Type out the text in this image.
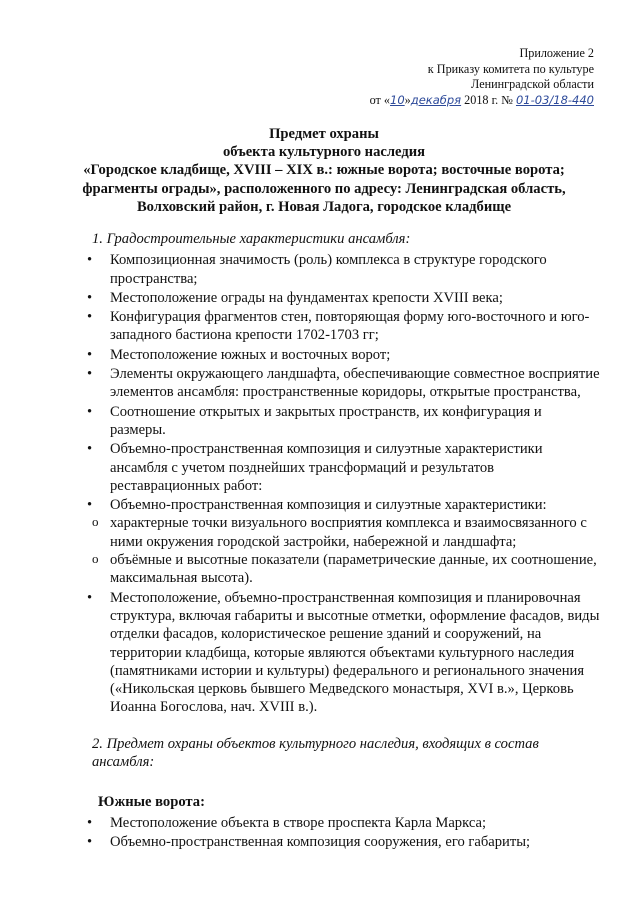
Приложение 2
к Приказу комитета по культуре
Ленинградской области
от «10»декабря 2018 г. № 01-03/18-440
Предмет охраны
объекта культурного наследия
«Городское кладбище, XVIII – XIX в.: южные ворота; восточные ворота;
фрагменты ограды», расположенного по адресу: Ленинградская область,
Волховский район, г. Новая Ладога, городское кладбище
1. Градостроительные характеристики ансамбля:
• Композиционная значимость (роль) комплекса в структуре городского пространства;
• Местоположение ограды на фундаментах крепости XVIII века;
• Конфигурация фрагментов стен, повторяющая форму юго-восточного и юго-западного бастиона крепости 1702-1703 гг;
• Местоположение южных и восточных ворот;
• Элементы окружающего ландшафта, обеспечивающие совместное восприятие элементов ансамбля: пространственные коридоры, открытые пространства,
• Соотношение открытых и закрытых пространств, их конфигурация и размеры.
• Объемно-пространственная композиция и силуэтные характеристики ансамбля с учетом позднейших трансформаций и результатов реставрационных работ:
• Объемно-пространственная композиция и силуэтные характеристики:
o характерные точки визуального восприятия комплекса и взаимосвязанного с ними окружения городской застройки, набережной и ландшафта;
o объёмные и высотные показатели (параметрические данные, их соотношение, максимальная высота).
• Местоположение, объемно-пространственная композиция и планировочная структура, включая габариты и высотные отметки, оформление фасадов, виды отделки фасадов, колористическое решение зданий и сооружений, на территории кладбища, которые являются объектами культурного наследия (памятниками истории и культуры) федерального и регионального значения («Никольская церковь бывшего Медведского монастыря, XVI в.», Церковь Иоанна Богослова, нач. XVIII в.).
2. Предмет охраны объектов культурного наследия, входящих в состав ансамбля:
Южные ворота:
• Местоположение объекта в створе проспекта Карла Маркса;
• Объемно-пространственная композиция сооружения, его габариты;
